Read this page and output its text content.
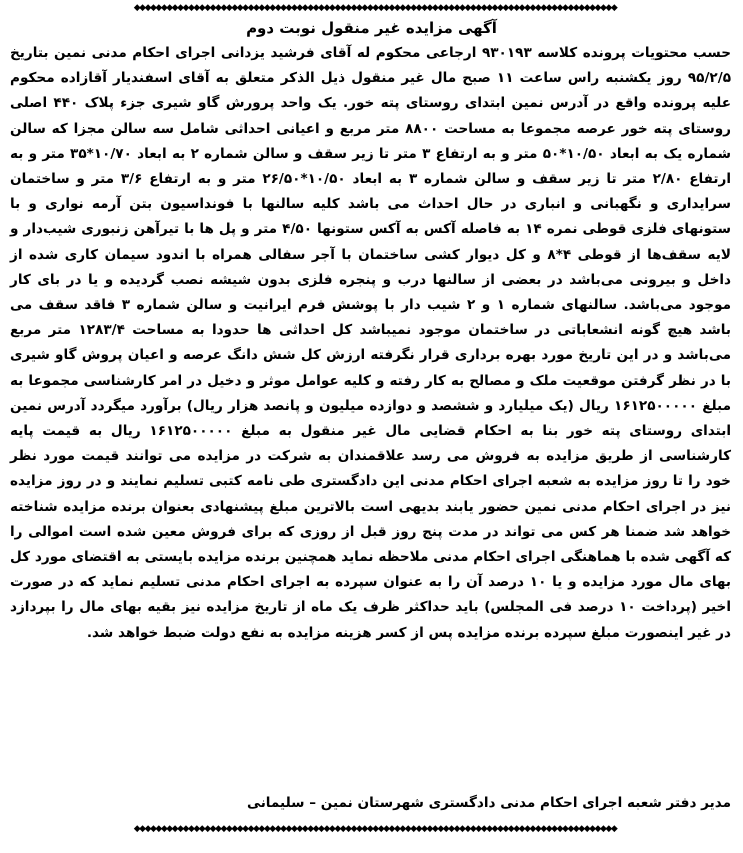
◆◆◆◆◆◆◆◆◆◆◆◆◆◆◆◆◆◆◆◆◆◆◆◆◆◆◆◆◆◆◆◆◆◆◆◆◆◆◆◆◆◆◆◆◆◆◆◆◆◆◆◆◆◆◆◆◆◆◆◆◆◆◆◆◆◆◆◆◆◆◆◆◆◆◆◆◆◆◆◆◆◆◆◆◆◆◆◆◆
آگهی مزایده غیر منقول نوبت دوم

حسب محتویات پرونده کلاسه ۹۳۰۱۹۳ ارجاعی محکوم له آقای فرشید یزدانی اجرای احکام مدنی نمین بتاریخ ۹۵/۲/۵ روز یکشنبه راس ساعت ۱۱ صبح مال غیر منقول ذیل الذکر متعلق به آقای اسفندیار آقازاده محکوم علیه پرونده واقع در آدرس نمین ابتدای روستای پته خور. یک واحد پرورش گاو شیری جزء پلاک ۴۴۰ اصلی روستای پته خور عرصه مجموعا به مساحت ۸۸۰۰ متر مربع و اعیانی احداثی شامل سه سالن مجزا که سالن شماره یک به ابعاد ۱۰/۵۰*۵۰ متر و به ارتفاع ۳ متر تا زیر سقف و سالن شماره ۲ به ابعاد ۱۰/۷۰*۳۵ متر و به ارتفاع ۲/۸۰ متر تا زیر سقف و سالن شماره ۳ به ابعاد ۱۰/۵۰*۲۶/۵۰ متر و به ارتفاع ۳/۶ متر و ساختمان سرایداری و نگهبانی و انباری در حال احداث می باشد کلیه سالنها با فونداسیون بتن آرمه نواری و با ستونهای فلزی قوطی نمره ۱۴ به فاصله آکس به آکس ستونها ۴/۵۰ متر و پل ها با تیرآهن زنبوری شیب‌دار و لایه سقف‌ها از قوطی ۴*۸ و کل دیوار کشی ساختمان با آجر سفالی همراه با اندود سیمان کاری شده از داخل و بیرونی می‌باشد در بعضی از سالنها درب و پنجره فلزی بدون شیشه نصب گردیده و یا در بای کار موجود می‌باشد. سالنهای شماره ۱ و ۲ شیب دار با پوشش فرم ایرانیت و سالن شماره ۳ فاقد سقف می باشد هیچ گونه انشعاباتی در ساختمان موجود نمیباشد کل احداثی ها حدودا به مساحت ۱۲۸۳/۴ متر مربع می‌باشد و در این تاریخ مورد بهره برداری قرار نگرفته ارزش کل شش دانگ عرصه و اعیان پروش گاو شیری با در نظر گرفتن موقعیت ملک و مصالح به کار رفته و کلیه عوامل موثر و دخیل در امر کارشناسی مجموعا به مبلغ ۱۶۱۲۵۰۰۰۰۰ ریال (یک میلیارد و ششصد و دوازده میلیون و پانصد هزار ریال) برآورد میگردد آدرس نمین ابتدای روستای پته خور بنا به احکام قضایی مال غیر منقول به مبلغ ۱۶۱۲۵۰۰۰۰۰ ریال به قیمت پایه کارشناسی از طریق مزایده به فروش می رسد علاقمندان به شرکت در مزایده می توانند قیمت مورد نظر خود را تا روز مزایده به شعبه اجرای احکام مدنی این دادگستری طی نامه کتبی تسلیم نمایند و در روز مزایده نیز در اجرای احکام مدنی نمین حضور یابند بدیهی است بالاترین مبلغ پیشنهادی بعنوان برنده مزایده شناخته خواهد شد ضمنا هر کس می تواند در مدت پنج روز قبل از روزی که برای فروش معین شده است اموالی را که آگهی شده با هماهنگی اجرای احکام مدنی ملاحظه نماید همچنین برنده مزایده بایستی به اقتضای مورد کل بهای مال مورد مزایده و یا ۱۰ درصد آن را به عنوان سپرده به اجرای احکام مدنی تسلیم نماید که در صورت اخیر (پرداخت ۱۰ درصد فی المجلس) باید حداکثر ظرف یک ماه از تاریخ مزایده نیز بقیه بهای مال را بپردازد در غیر اینصورت مبلغ سپرده برنده مزایده پس از کسر هزینه مزایده به نفع دولت ضبط خواهد شد.

مدیر دفتر شعبه اجرای احکام مدنی دادگستری شهرستان نمین – سلیمانی

◆◆◆◆◆◆◆◆◆◆◆◆◆◆◆◆◆◆◆◆◆◆◆◆◆◆◆◆◆◆◆◆◆◆◆◆◆◆◆◆◆◆◆◆◆◆◆◆◆◆◆◆◆◆◆◆◆◆◆◆◆◆◆◆◆◆◆◆◆◆◆◆◆◆◆◆◆◆◆◆◆◆◆◆◆◆◆◆◆
